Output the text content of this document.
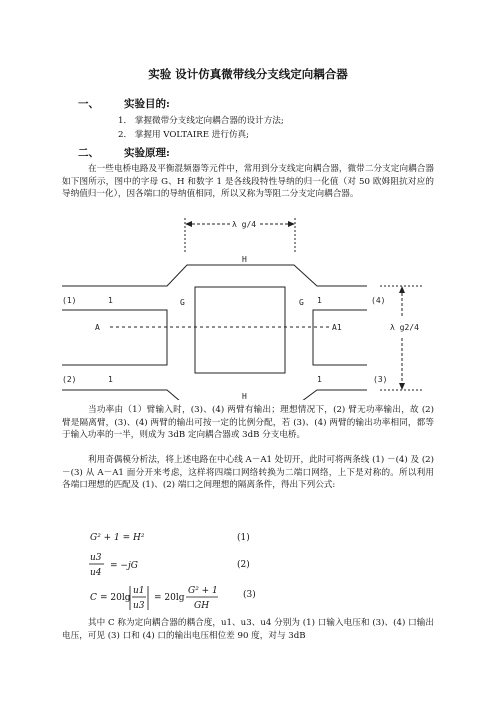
实验 设计仿真微带线分支线定向耦合器
一、 实验目的:
1． 掌握微带分支线定向耦合器的设计方法;
2． 掌握用 VOLTAIRE 进行仿真;
二、 实验原理:

在一些电桥电路及平衡混频器等元件中，常用到分支线定向耦合器，微带二分支定向耦合器如下图所示，图中的字母 G、H 和数字 1 是各线段特性导纳的归一化值（对 50 欧姆阻抗对应的导纳值归一化），因各端口的导纳值相同，所以又称为等阻二分支定向耦合器。

λ g/4
H
λ g2/4
(1)	1	1	(4)
G	G
A	A1
(2)	1	1	(3)
H

当功率由（1）臂输入时，(3)、(4) 两臂有输出；理想情况下，(2) 臂无功率输出，故 (2) 臂是隔离臂，(3)、(4) 两臂的输出可按一定的比例分配，若 (3)、(4) 两臂的输出功率相同，都等于输入功率的一半，则成为 3dB 定向耦合器或 3dB 分支电桥。

利用奇偶模分析法，将上述电路在中心线 A－A1 处切开，此时可将两条线 (1) －(4) 及 (2) －(3) 从 A－A1 面分开来考虑，这样将四端口网络转换为二端口网络，上下是对称的。所以利用各端口理想的匹配及 (1)、(2) 端口之间理想的隔离条件，得出下列公式:

G² + 1 = H²	(1)
u3
u4
= −jG	(2)
C = 20lg
u1
u3
= 20lg
G² + 1
GH
(3)

其中 C 称为定向耦合器的耦合度，u1、u3、u4 分别为 (1) 口输入电压和 (3)、(4) 口输出电压，可见 (3) 口和 (4) 口的输出电压相位差 90 度，对与 3dB
